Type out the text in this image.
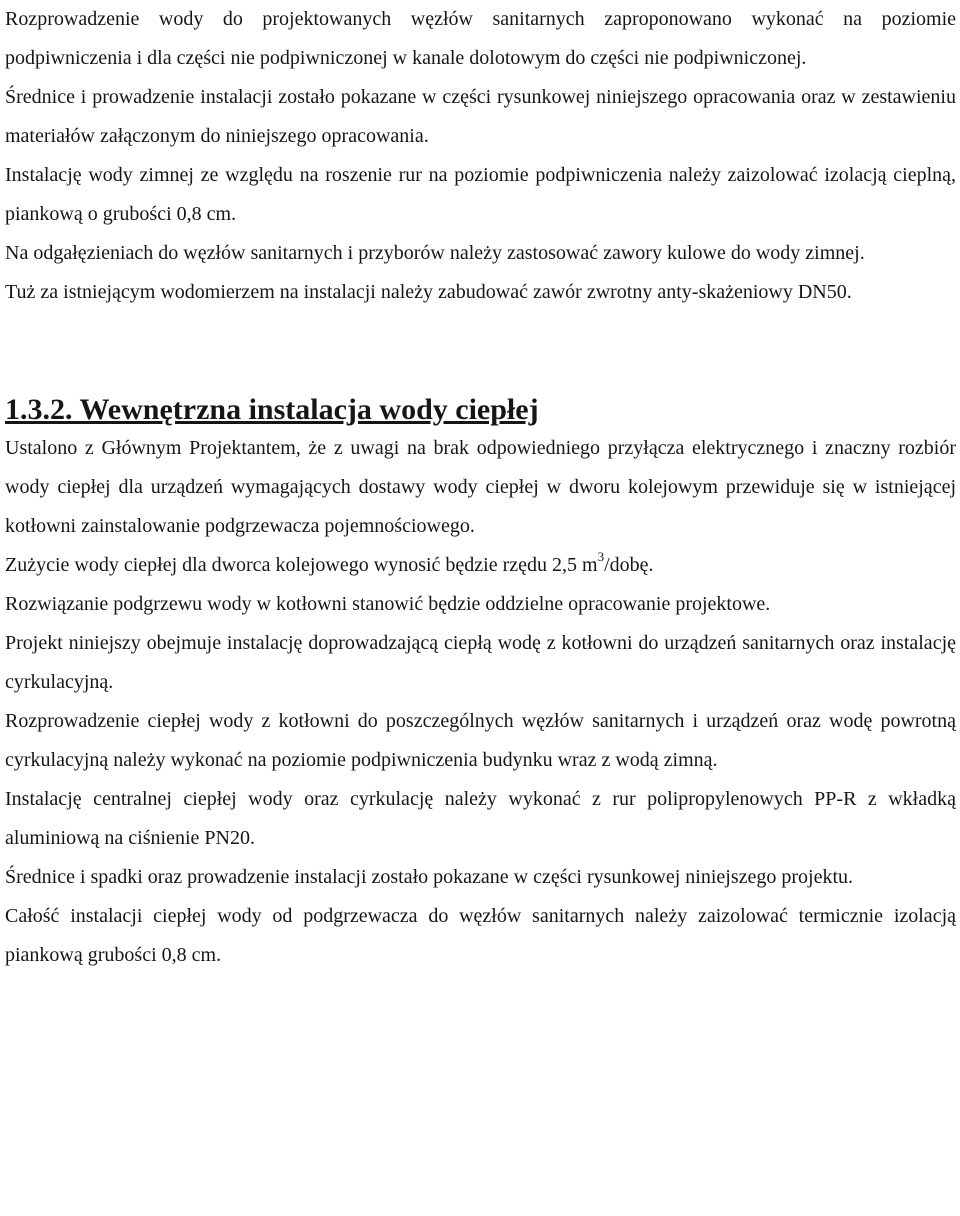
Rozprowadzenie wody do projektowanych węzłów sanitarnych zaproponowano wykonać na poziomie podpiwniczenia i dla części nie podpiwniczonej w kanale dolotowym do części nie podpiwniczonej.

Średnice i prowadzenie instalacji zostało pokazane w części rysunkowej niniejszego opracowania oraz w zestawieniu materiałów załączonym do niniejszego opracowania.

Instalację wody zimnej ze względu na roszenie rur na poziomie podpiwniczenia należy zaizolować izolacją cieplną, piankową o grubości 0,8 cm.

Na odgałęzieniach do węzłów sanitarnych i przyborów należy zastosować zawory kulowe do wody zimnej.

Tuż za istniejącym wodomierzem na instalacji należy zabudować zawór zwrotny anty-skażeniowy DN50.

1.3.2. Wewnętrzna instalacja wody ciepłej

Ustalono z Głównym Projektantem, że z uwagi na brak odpowiedniego przyłącza elektrycznego i znaczny rozbiór wody ciepłej dla urządzeń wymagających dostawy wody ciepłej w dworu kolejowym przewiduje się w istniejącej kotłowni zainstalowanie podgrzewacza pojemnościowego.

Zużycie wody ciepłej dla dworca kolejowego wynosić będzie rzędu 2,5 $m^3$/dobę.

Rozwiązanie podgrzewu wody w kotłowni stanowić będzie oddzielne opracowanie projektowe.

Projekt niniejszy obejmuje instalację doprowadzającą ciepłą wodę z kotłowni do urządzeń sanitarnych oraz instalację cyrkulacyjną.

Rozprowadzenie ciepłej wody z kotłowni do poszczególnych węzłów sanitarnych i urządzeń oraz wodę powrotną cyrkulacyjną należy wykonać na poziomie podpiwniczenia budynku wraz z wodą zimną.

Instalację centralnej ciepłej wody oraz cyrkulację należy wykonać z rur polipropylenowych PP-R z wkładką aluminiową na ciśnienie PN20.

Średnice i spadki oraz prowadzenie instalacji zostało pokazane w części rysunkowej niniejszego projektu.

Całość instalacji ciepłej wody od podgrzewacza do węzłów sanitarnych należy zaizolować termicznie izolacją piankową grubości 0,8 cm.
